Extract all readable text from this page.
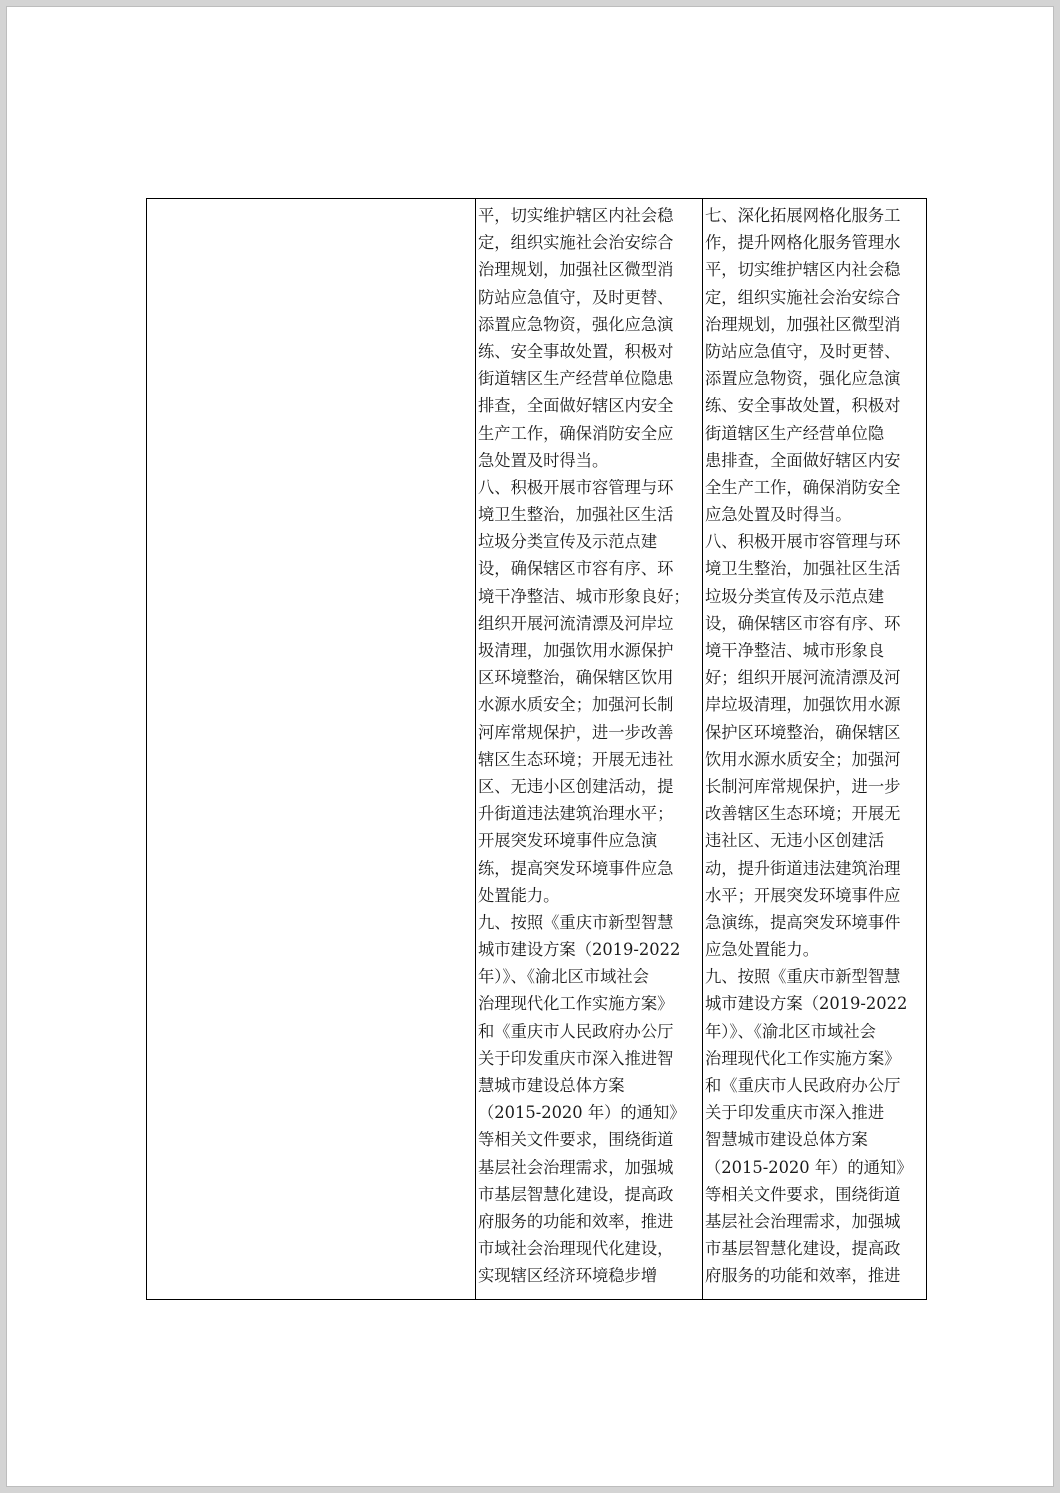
平，切实维护辖区内社会稳
定，组织实施社会治安综合
治理规划，加强社区微型消
防站应急值守，及时更替、
添置应急物资，强化应急演
练、安全事故处置，积极对
街道辖区生产经营单位隐患
排查，全面做好辖区内安全
生产工作，确保消防安全应
急处置及时得当。
八、积极开展市容管理与环
境卫生整治，加强社区生活
垃圾分类宣传及示范点建
设，确保辖区市容有序、环
境干净整洁、城市形象良好；
组织开展河流清漂及河岸垃
圾清理，加强饮用水源保护
区环境整治，确保辖区饮用
水源水质安全；加强河长制
河库常规保护，进一步改善
辖区生态环境；开展无违社
区、无违小区创建活动，提
升街道违法建筑治理水平；
开展突发环境事件应急演
练，提高突发环境事件应急
处置能力。
九、按照《重庆市新型智慧
城市建设方案（2019-2022
年）》、《渝北区市域社会
治理现代化工作实施方案》
和《重庆市人民政府办公厅
关于印发重庆市深入推进智
慧城市建设总体方案
（2015-2020 年）的通知》
等相关文件要求，围绕街道
基层社会治理需求，加强城
市基层智慧化建设，提高政
府服务的功能和效率，推进
市域社会治理现代化建设，
实现辖区经济环境稳步增
七、深化拓展网格化服务工
作，提升网格化服务管理水
平，切实维护辖区内社会稳
定，组织实施社会治安综合
治理规划，加强社区微型消
防站应急值守，及时更替、
添置应急物资，强化应急演
练、安全事故处置，积极对
街道辖区生产经营单位隐
患排查，全面做好辖区内安
全生产工作，确保消防安全
应急处置及时得当。
八、积极开展市容管理与环
境卫生整治，加强社区生活
垃圾分类宣传及示范点建
设，确保辖区市容有序、环
境干净整洁、城市形象良
好；组织开展河流清漂及河
岸垃圾清理，加强饮用水源
保护区环境整治，确保辖区
饮用水源水质安全；加强河
长制河库常规保护，进一步
改善辖区生态环境；开展无
违社区、无违小区创建活
动，提升街道违法建筑治理
水平；开展突发环境事件应
急演练，提高突发环境事件
应急处置能力。
九、按照《重庆市新型智慧
城市建设方案（2019-2022
年）》、《渝北区市域社会
治理现代化工作实施方案》
和《重庆市人民政府办公厅
关于印发重庆市深入推进
智慧城市建设总体方案
（2015-2020 年）的通知》
等相关文件要求，围绕街道
基层社会治理需求，加强城
市基层智慧化建设，提高政
府服务的功能和效率，推进
